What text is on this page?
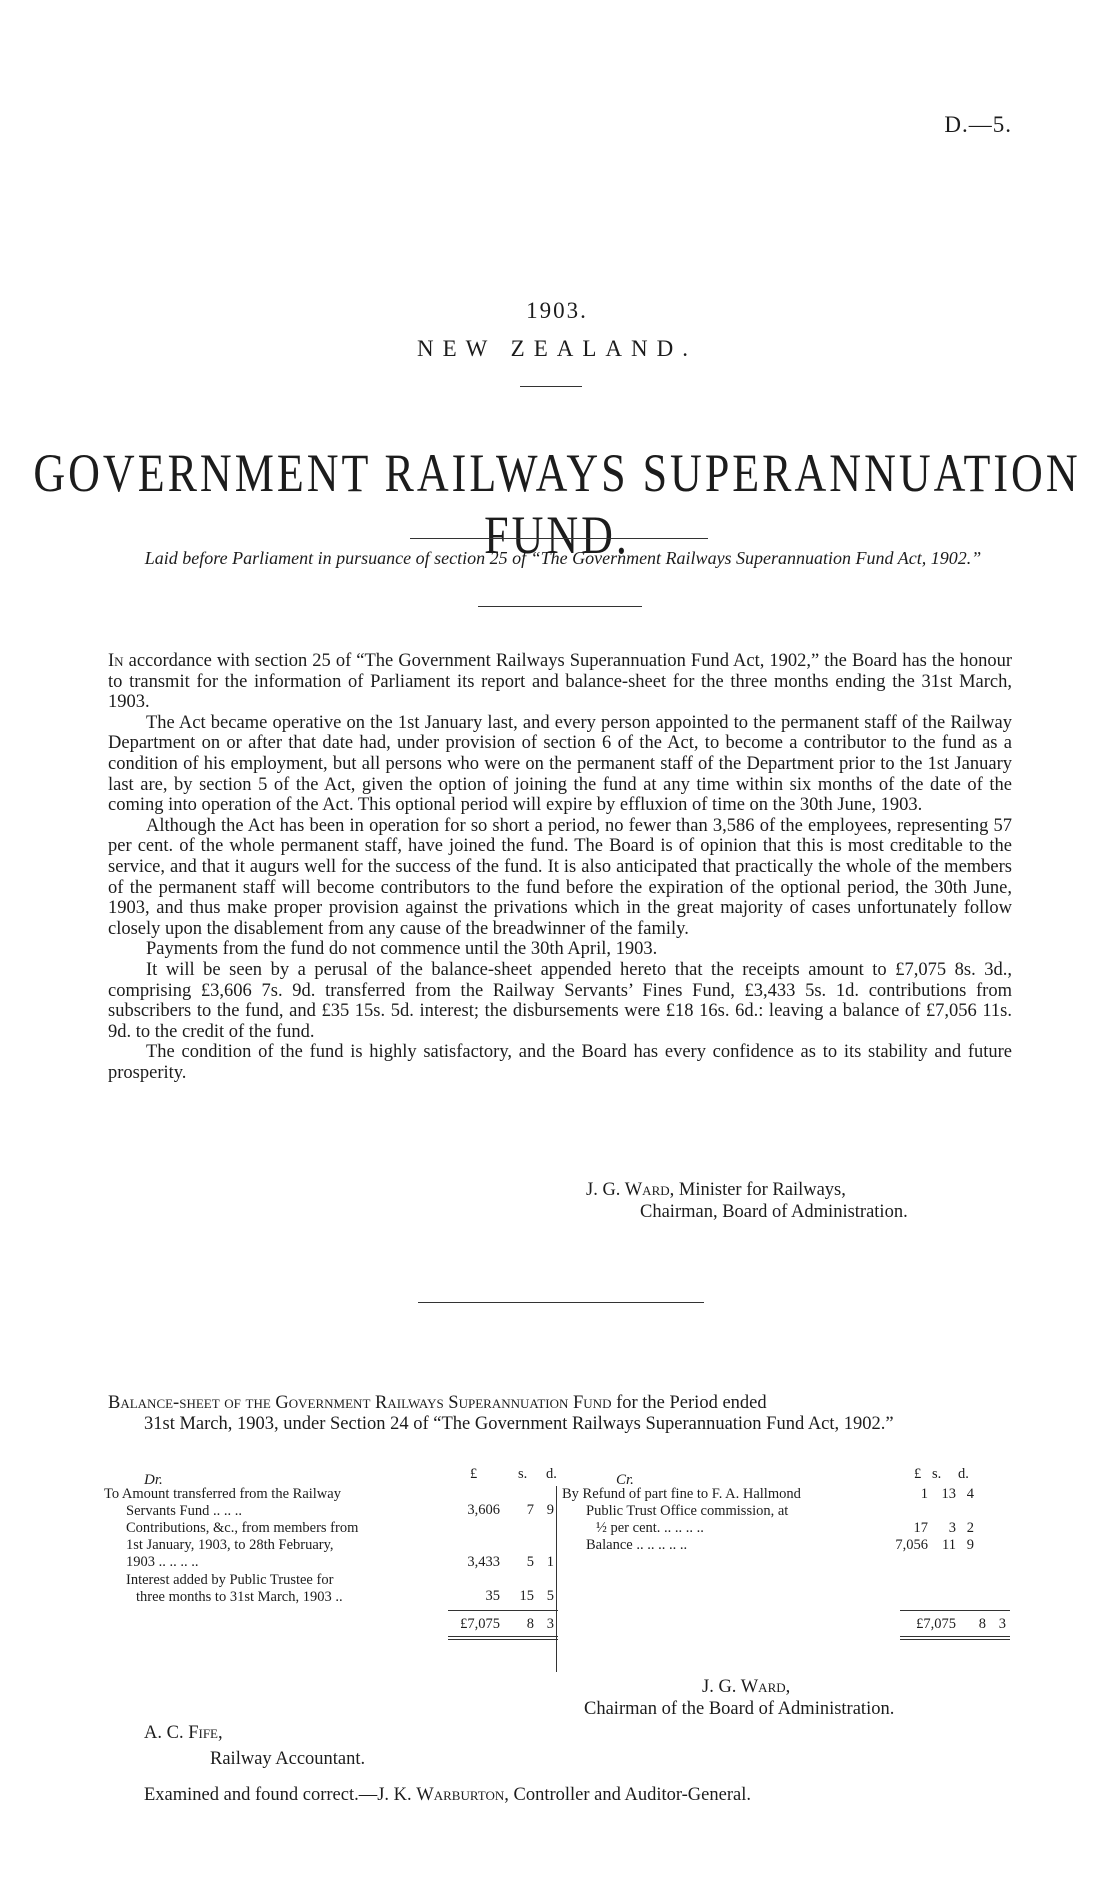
D.—5.
1903.
NEW ZEALAND.
GOVERNMENT RAILWAYS SUPERANNUATION FUND.
Laid before Parliament in pursuance of section 25 of “The Government Railways Superannuation Fund Act, 1902.”

In accordance with section 25 of “The Government Railways Superannuation Fund Act, 1902,” the Board has the honour to transmit for the information of Parliament its report and balance-sheet for the three months ending the 31st March, 1903.

The Act became operative on the 1st January last, and every person appointed to the permanent staff of the Railway Department on or after that date had, under provision of section 6 of the Act, to become a contributor to the fund as a condition of his employment, but all persons who were on the permanent staff of the Department prior to the 1st January last are, by section 5 of the Act, given the option of joining the fund at any time within six months of the date of the coming into operation of the Act. This optional period will expire by effluxion of time on the 30th June, 1903.

Although the Act has been in operation for so short a period, no fewer than 3,586 of the employees, representing 57 per cent. of the whole permanent staff, have joined the fund. The Board is of opinion that this is most creditable to the service, and that it augurs well for the success of the fund. It is also anticipated that practically the whole of the members of the permanent staff will become contributors to the fund before the expiration of the optional period, the 30th June, 1903, and thus make proper provision against the privations which in the great majority of cases unfortunately follow closely upon the disablement from any cause of the breadwinner of the family.

Payments from the fund do not commence until the 30th April, 1903.

It will be seen by a perusal of the balance-sheet appended hereto that the receipts amount to £7,075 8s. 3d., comprising £3,606 7s. 9d. transferred from the Railway Servants’ Fines Fund, £3,433 5s. 1d. contributions from subscribers to the fund, and £35 15s. 5d. interest; the disbursements were £18 16s. 6d.: leaving a balance of £7,056 11s. 9d. to the credit of the fund.

The condition of the fund is highly satisfactory, and the Board has every confidence as to its stability and future prosperity.

J. G. Ward, Minister for Railways,
Chairman, Board of Administration.
Balance-sheet of the Government Railways Superannuation Fund for the Period ended
31st March, 1903, under Section 24 of “The Government Railways Superannuation Fund Act, 1902.”
Dr.	£	s. d.
To Amount transferred from the Railway
Servants Fund .. .. ..	3,606	7 9
Contributions, &c., from members from
1st January, 1903, to 28th February,
1903 .. .. .. ..	3,433	5 1
Interest added by Public Trustee for
three months to 31st March, 1903 ..	35	15 5
£7,075	8 3
Cr.	£ s. d.
By Refund of part fine to F. A. Hallmond	1 13 4
Public Trust Office commission, at
½ per cent. .. .. .. ..	17	3 2
Balance .. .. .. .. ..	7,056 11 9
£7,075	8 3
J. G. Ward,
Chairman of the Board of Administration.
A. C. Fife,
Railway Accountant.
Examined and found correct.—J. K. Warburton, Controller and Auditor-General.
